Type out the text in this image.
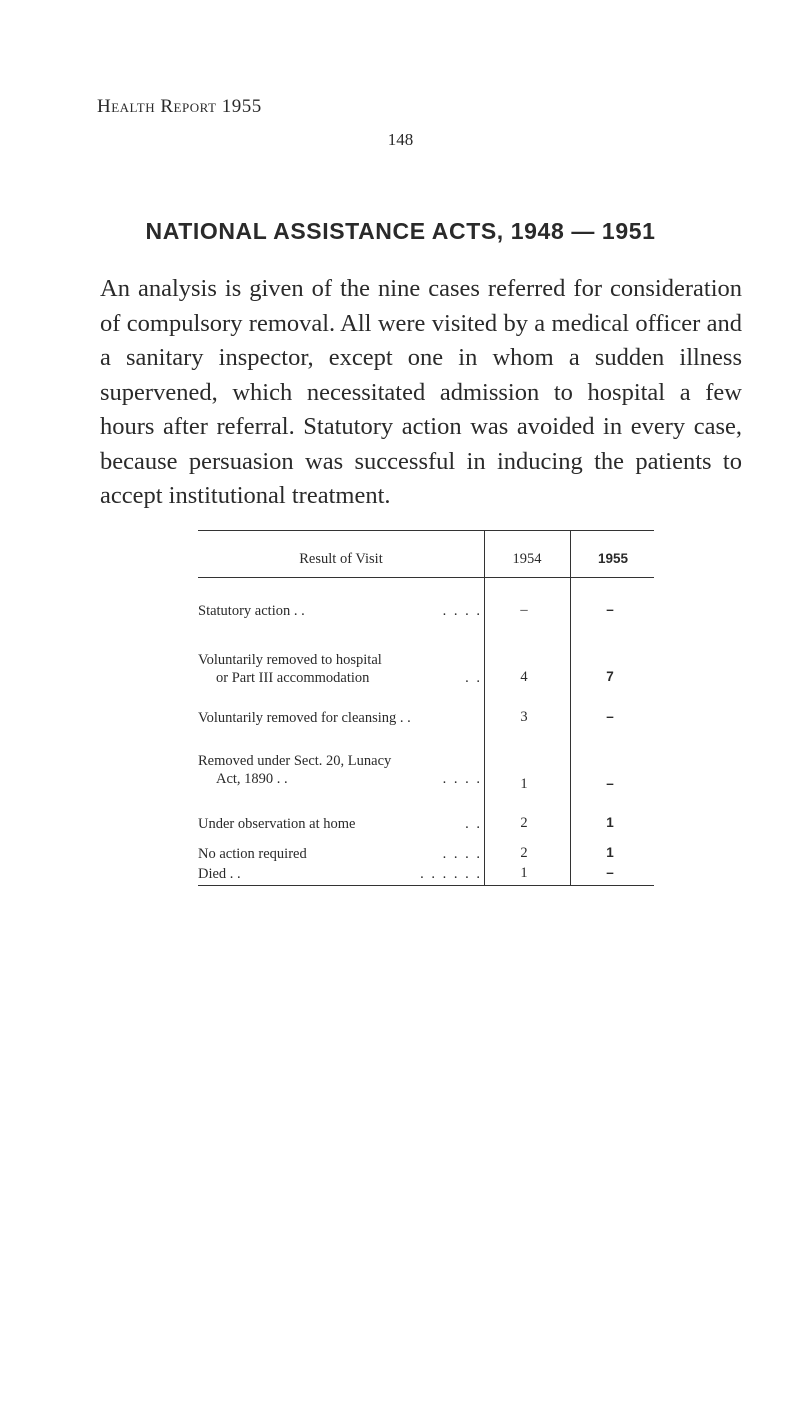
Health Report 1955

148

NATIONAL ASSISTANCE ACTS, 1948 — 1951

An analysis is given of the nine cases referred for consideration of compulsory removal. All were visited by a medical officer and a sanitary inspector, except one in whom a sudden illness supervened, which necessitated admission to hospital a few hours after referral. Statutory action was avoided in every case, because persuasion was successful in inducing the patients to accept institutional treatment.

Result of Visit	1954	1955
Statutory action . .	. . . .	–	–
Voluntarily removed to hospital
or Part III accommodation	. .	4	7
Voluntarily removed for cleansing . .	3	–
Removed under Sect. 20, Lunacy
Act, 1890 . .	. . . .	1	–
Under observation at home	. .	2	1
No action required	. . . .	2	1
Died . .	. . . . . .	1	–
